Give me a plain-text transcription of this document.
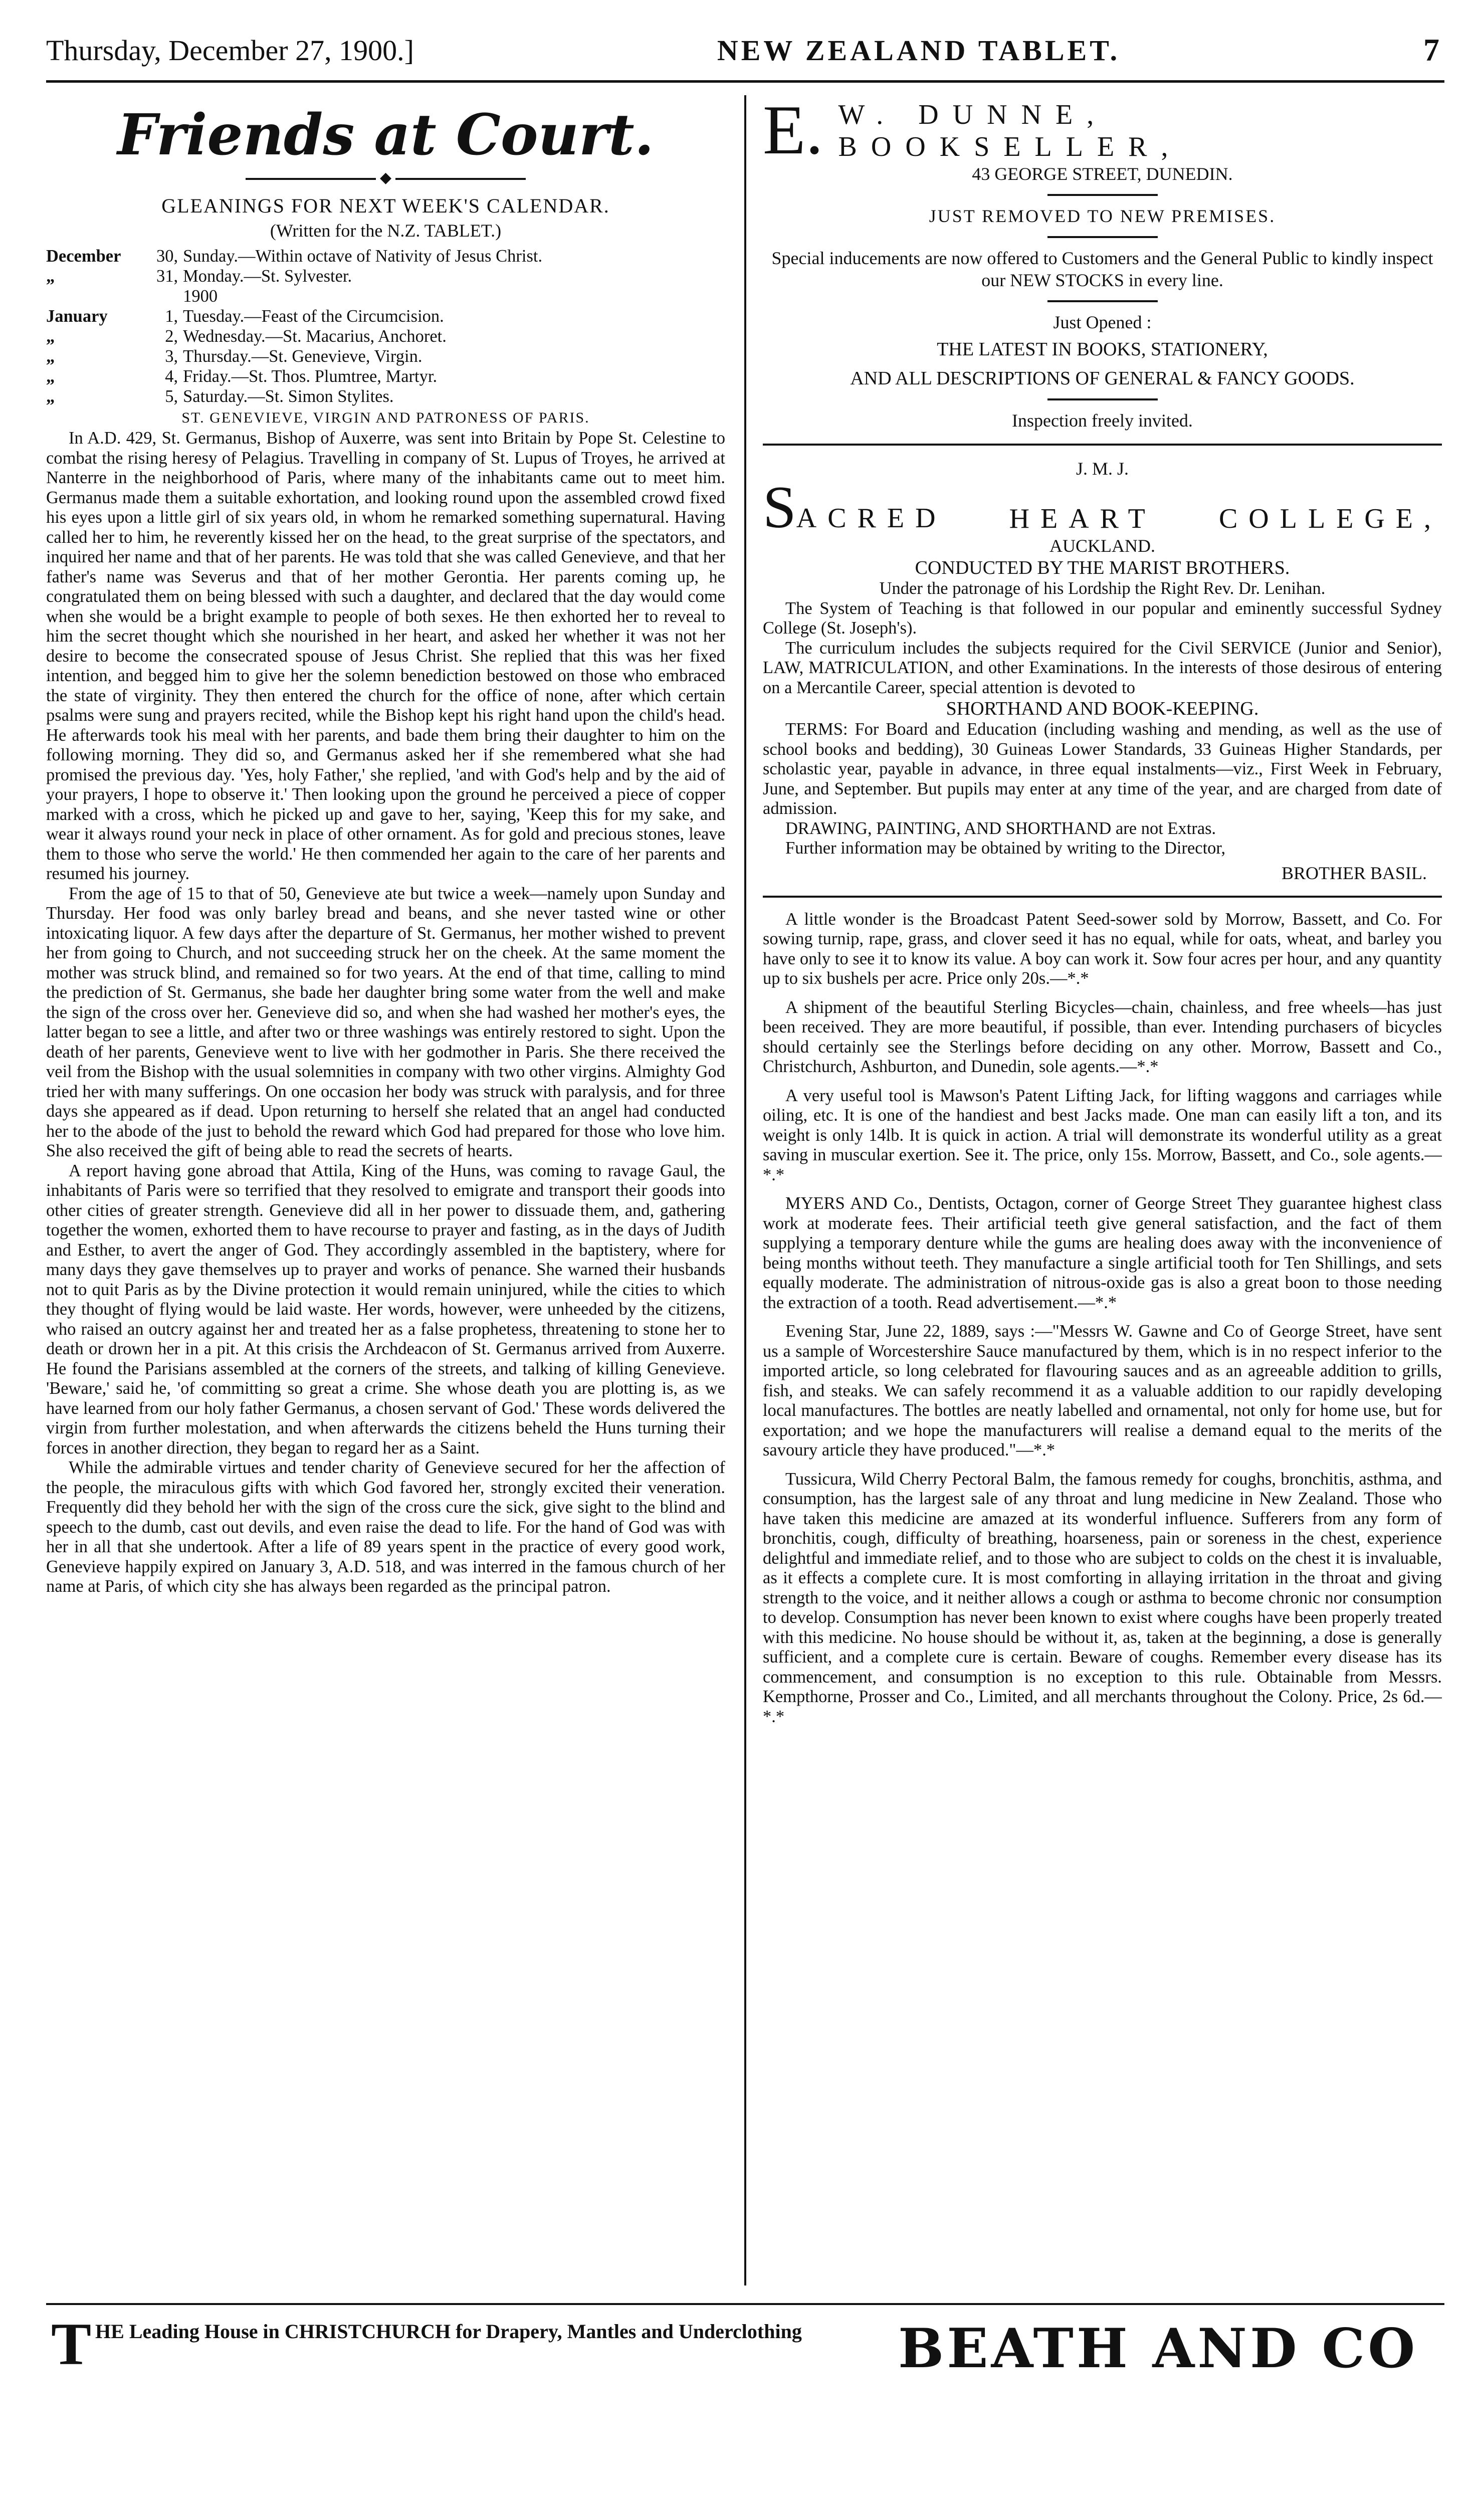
Thursday, December 27, 1900.]	NEW ZEALAND TABLET.	7
Friends at Court.
◆
GLEANINGS FOR NEXT WEEK'S CALENDAR.
(Written for the N.Z. TABLET.)
December	30,	Sunday.—Within octave of Nativity of Jesus Christ.
„	31,	Monday.—St. Sylvester.
		1900
January	1,	Tuesday.—Feast of the Circumcision.
„	2,	Wednesday.—St. Macarius, Anchoret.
„	3,	Thursday.—St. Genevieve, Virgin.
„	4,	Friday.—St. Thos. Plumtree, Martyr.
„	5,	Saturday.—St. Simon Stylites.
ST. GENEVIEVE, VIRGIN AND PATRONESS OF PARIS.

In A.D. 429, St. Germanus, Bishop of Auxerre, was sent into Britain by Pope St. Celestine to combat the rising heresy of Pelagius. Travelling in company of St. Lupus of Troyes, he arrived at Nanterre in the neighborhood of Paris, where many of the inhabitants came out to meet him. Germanus made them a suitable exhortation, and looking round upon the assembled crowd fixed his eyes upon a little girl of six years old, in whom he remarked something supernatural. Having called her to him, he reverently kissed her on the head, to the great surprise of the spectators, and inquired her name and that of her parents. He was told that she was called Genevieve, and that her father's name was Severus and that of her mother Gerontia. Her parents coming up, he congratulated them on being blessed with such a daughter, and declared that the day would come when she would be a bright example to people of both sexes. He then exhorted her to reveal to him the secret thought which she nourished in her heart, and asked her whether it was not her desire to become the consecrated spouse of Jesus Christ. She replied that this was her fixed intention, and begged him to give her the solemn benediction bestowed on those who embraced the state of virginity. They then entered the church for the office of none, after which certain psalms were sung and prayers recited, while the Bishop kept his right hand upon the child's head. He afterwards took his meal with her parents, and bade them bring their daughter to him on the following morning. They did so, and Germanus asked her if she remembered what she had promised the previous day. 'Yes, holy Father,' she replied, 'and with God's help and by the aid of your prayers, I hope to observe it.' Then looking upon the ground he perceived a piece of copper marked with a cross, which he picked up and gave to her, saying, 'Keep this for my sake, and wear it always round your neck in place of other ornament. As for gold and precious stones, leave them to those who serve the world.' He then commended her again to the care of her parents and resumed his journey.

From the age of 15 to that of 50, Genevieve ate but twice a week—namely upon Sunday and Thursday. Her food was only barley bread and beans, and she never tasted wine or other intoxicating liquor. A few days after the departure of St. Germanus, her mother wished to prevent her from going to Church, and not succeeding struck her on the cheek. At the same moment the mother was struck blind, and remained so for two years. At the end of that time, calling to mind the prediction of St. Germanus, she bade her daughter bring some water from the well and make the sign of the cross over her. Genevieve did so, and when she had washed her mother's eyes, the latter began to see a little, and after two or three washings was entirely restored to sight. Upon the death of her parents, Genevieve went to live with her godmother in Paris. She there received the veil from the Bishop with the usual solemnities in company with two other virgins. Almighty God tried her with many sufferings. On one occasion her body was struck with paralysis, and for three days she appeared as if dead. Upon returning to herself she related that an angel had conducted her to the abode of the just to behold the reward which God had prepared for those who love him. She also received the gift of being able to read the secrets of hearts.

A report having gone abroad that Attila, King of the Huns, was coming to ravage Gaul, the inhabitants of Paris were so terrified that they resolved to emigrate and transport their goods into other cities of greater strength. Genevieve did all in her power to dissuade them, and, gathering together the women, exhorted them to have recourse to prayer and fasting, as in the days of Judith and Esther, to avert the anger of God. They accordingly assembled in the baptistery, where for many days they gave themselves up to prayer and works of penance. She warned their husbands not to quit Paris as by the Divine protection it would remain uninjured, while the cities to which they thought of flying would be laid waste. Her words, however, were unheeded by the citizens, who raised an outcry against her and treated her as a false prophetess, threatening to stone her to death or drown her in a pit. At this crisis the Archdeacon of St. Germanus arrived from Auxerre. He found the Parisians assembled at the corners of the streets, and talking of killing Genevieve. 'Beware,' said he, 'of committing so great a crime. She whose death you are plotting is, as we have learned from our holy father Germanus, a chosen servant of God.' These words delivered the virgin from further molestation, and when afterwards the citizens beheld the Huns turning their forces in another direction, they began to regard her as a Saint.

While the admirable virtues and tender charity of Genevieve secured for her the affection of the people, the miraculous gifts with which God favored her, strongly excited their veneration. Frequently did they behold her with the sign of the cross cure the sick, give sight to the blind and speech to the dumb, cast out devils, and even raise the dead to life. For the hand of God was with her in all that she undertook. After a life of 89 years spent in the practice of every good work, Genevieve happily expired on January 3, A.D. 518, and was interred in the famous church of her name at Paris, of which city she has always been regarded as the principal patron.

E. W. DUNNE, BOOKSELLER,
43 GEORGE STREET, DUNEDIN.
JUST REMOVED TO NEW PREMISES.
Special inducements are now offered to Customers and the General Public to kindly inspect our NEW STOCKS in every line.
Just Opened :
THE LATEST IN BOOKS, STATIONERY,
AND ALL DESCRIPTIONS OF GENERAL & FANCY GOODS.
Inspection freely invited.
J. M. J.
SACRED HEART COLLEGE,
AUCKLAND.
CONDUCTED BY THE MARIST BROTHERS.

Under the patronage of his Lordship the Right Rev. Dr. Lenihan.

The System of Teaching is that followed in our popular and eminently successful Sydney College (St. Joseph's).

The curriculum includes the subjects required for the Civil SERVICE (Junior and Senior), LAW, MATRICULATION, and other Examinations. In the interests of those desirous of entering on a Mercantile Career, special attention is devoted to

SHORTHAND AND BOOK-KEEPING.

TERMS: For Board and Education (including washing and mending, as well as the use of school books and bedding), 30 Guineas Lower Standards, 33 Guineas Higher Standards, per scholastic year, payable in advance, in three equal instalments—viz., First Week in February, June, and September. But pupils may enter at any time of the year, and are charged from date of admission.

DRAWING, PAINTING, AND SHORTHAND are not Extras.

Further information may be obtained by writing to the Director,

BROTHER BASIL.

A little wonder is the Broadcast Patent Seed-sower sold by Morrow, Bassett, and Co. For sowing turnip, rape, grass, and clover seed it has no equal, while for oats, wheat, and barley you have only to see it to know its value. A boy can work it. Sow four acres per hour, and any quantity up to six bushels per acre. Price only 20s.—*.*

A shipment of the beautiful Sterling Bicycles—chain, chainless, and free wheels—has just been received. They are more beautiful, if possible, than ever. Intending purchasers of bicycles should certainly see the Sterlings before deciding on any other. Morrow, Bassett and Co., Christchurch, Ashburton, and Dunedin, sole agents.—*.*

A very useful tool is Mawson's Patent Lifting Jack, for lifting waggons and carriages while oiling, etc. It is one of the handiest and best Jacks made. One man can easily lift a ton, and its weight is only 14lb. It is quick in action. A trial will demonstrate its wonderful utility as a great saving in muscular exertion. See it. The price, only 15s. Morrow, Bassett, and Co., sole agents.—*.*

MYERS AND Co., Dentists, Octagon, corner of George Street They guarantee highest class work at moderate fees. Their artificial teeth give general satisfaction, and the fact of them supplying a temporary denture while the gums are healing does away with the inconvenience of being months without teeth. They manufacture a single artificial tooth for Ten Shillings, and sets equally moderate. The administration of nitrous-oxide gas is also a great boon to those needing the extraction of a tooth. Read advertisement.—*.*

Evening Star, June 22, 1889, says :—"Messrs W. Gawne and Co of George Street, have sent us a sample of Worcestershire Sauce manufactured by them, which is in no respect inferior to the imported article, so long celebrated for flavouring sauces and as an agreeable addition to grills, fish, and steaks. We can safely recommend it as a valuable addition to our rapidly developing local manufactures. The bottles are neatly labelled and ornamental, not only for home use, but for exportation; and we hope the manufacturers will realise a demand equal to the merits of the savoury article they have produced."—*.*

Tussicura, Wild Cherry Pectoral Balm, the famous remedy for coughs, bronchitis, asthma, and consumption, has the largest sale of any throat and lung medicine in New Zealand. Those who have taken this medicine are amazed at its wonderful influence. Sufferers from any form of bronchitis, cough, difficulty of breathing, hoarseness, pain or soreness in the chest, experience delightful and immediate relief, and to those who are subject to colds on the chest it is invaluable, as it effects a complete cure. It is most comforting in allaying irritation in the throat and giving strength to the voice, and it neither allows a cough or asthma to become chronic nor consumption to develop. Consumption has never been known to exist where coughs have been properly treated with this medicine. No house should be without it, as, taken at the beginning, a dose is generally sufficient, and a complete cure is certain. Beware of coughs. Remember every disease has its commencement, and consumption is no exception to this rule. Obtainable from Messrs. Kempthorne, Prosser and Co., Limited, and all merchants throughout the Colony. Price, 2s 6d.—*.*

T HE Leading House in CHRISTCHURCH for Drapery, Mantles and Underclothing	BEATH AND CO
